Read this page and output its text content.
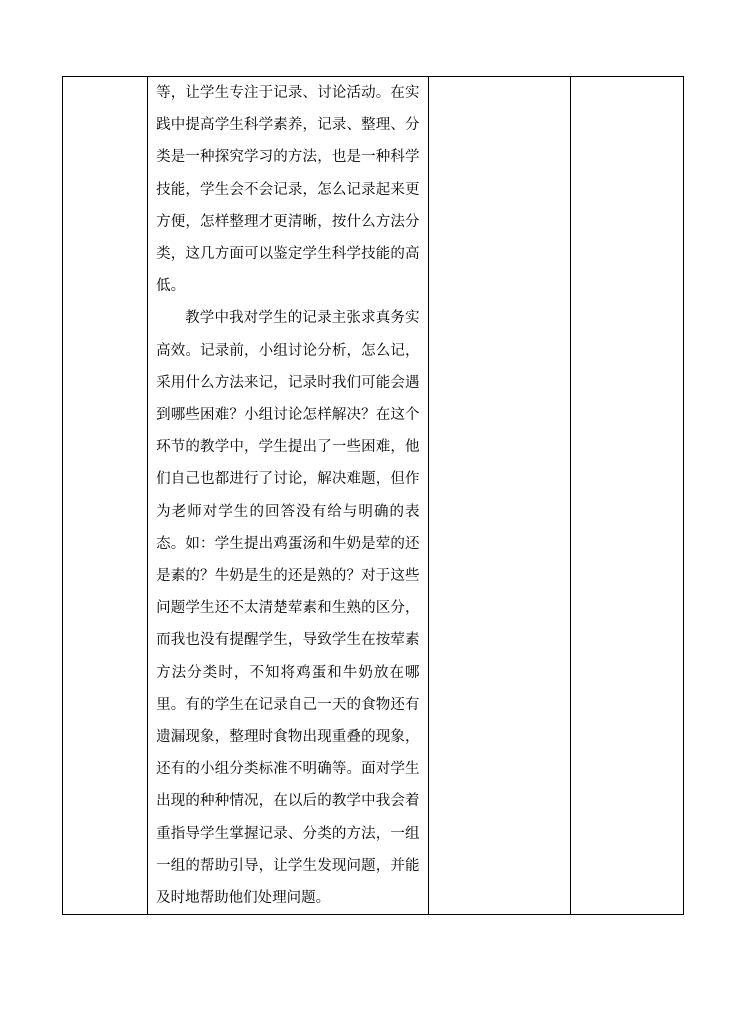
等，让学生专注于记录、讨论活动。在实践中提高学生科学素养，记录、整理、分类是一种探究学习的方法，也是一种科学技能，学生会不会记录，怎么记录起来更方便，怎样整理才更清晰，按什么方法分类，这几方面可以鉴定学生科学技能的高低。

教学中我对学生的记录主张求真务实高效。记录前，小组讨论分析，怎么记，采用什么方法来记，记录时我们可能会遇到哪些困难？小组讨论怎样解决？在这个环节的教学中，学生提出了一些困难，他们自己也都进行了讨论，解决难题，但作为老师对学生的回答没有给与明确的表态。如：学生提出鸡蛋汤和牛奶是荤的还是素的？牛奶是生的还是熟的？对于这些问题学生还不太清楚荤素和生熟的区分，而我也没有提醒学生，导致学生在按荤素方法分类时，不知将鸡蛋和牛奶放在哪里。有的学生在记录自己一天的食物还有遗漏现象，整理时食物出现重叠的现象，还有的小组分类标准不明确等。面对学生出现的种种情况，在以后的教学中我会着重指导学生掌握记录、分类的方法，一组一组的帮助引导，让学生发现问题，并能及时地帮助他们处理问题。
